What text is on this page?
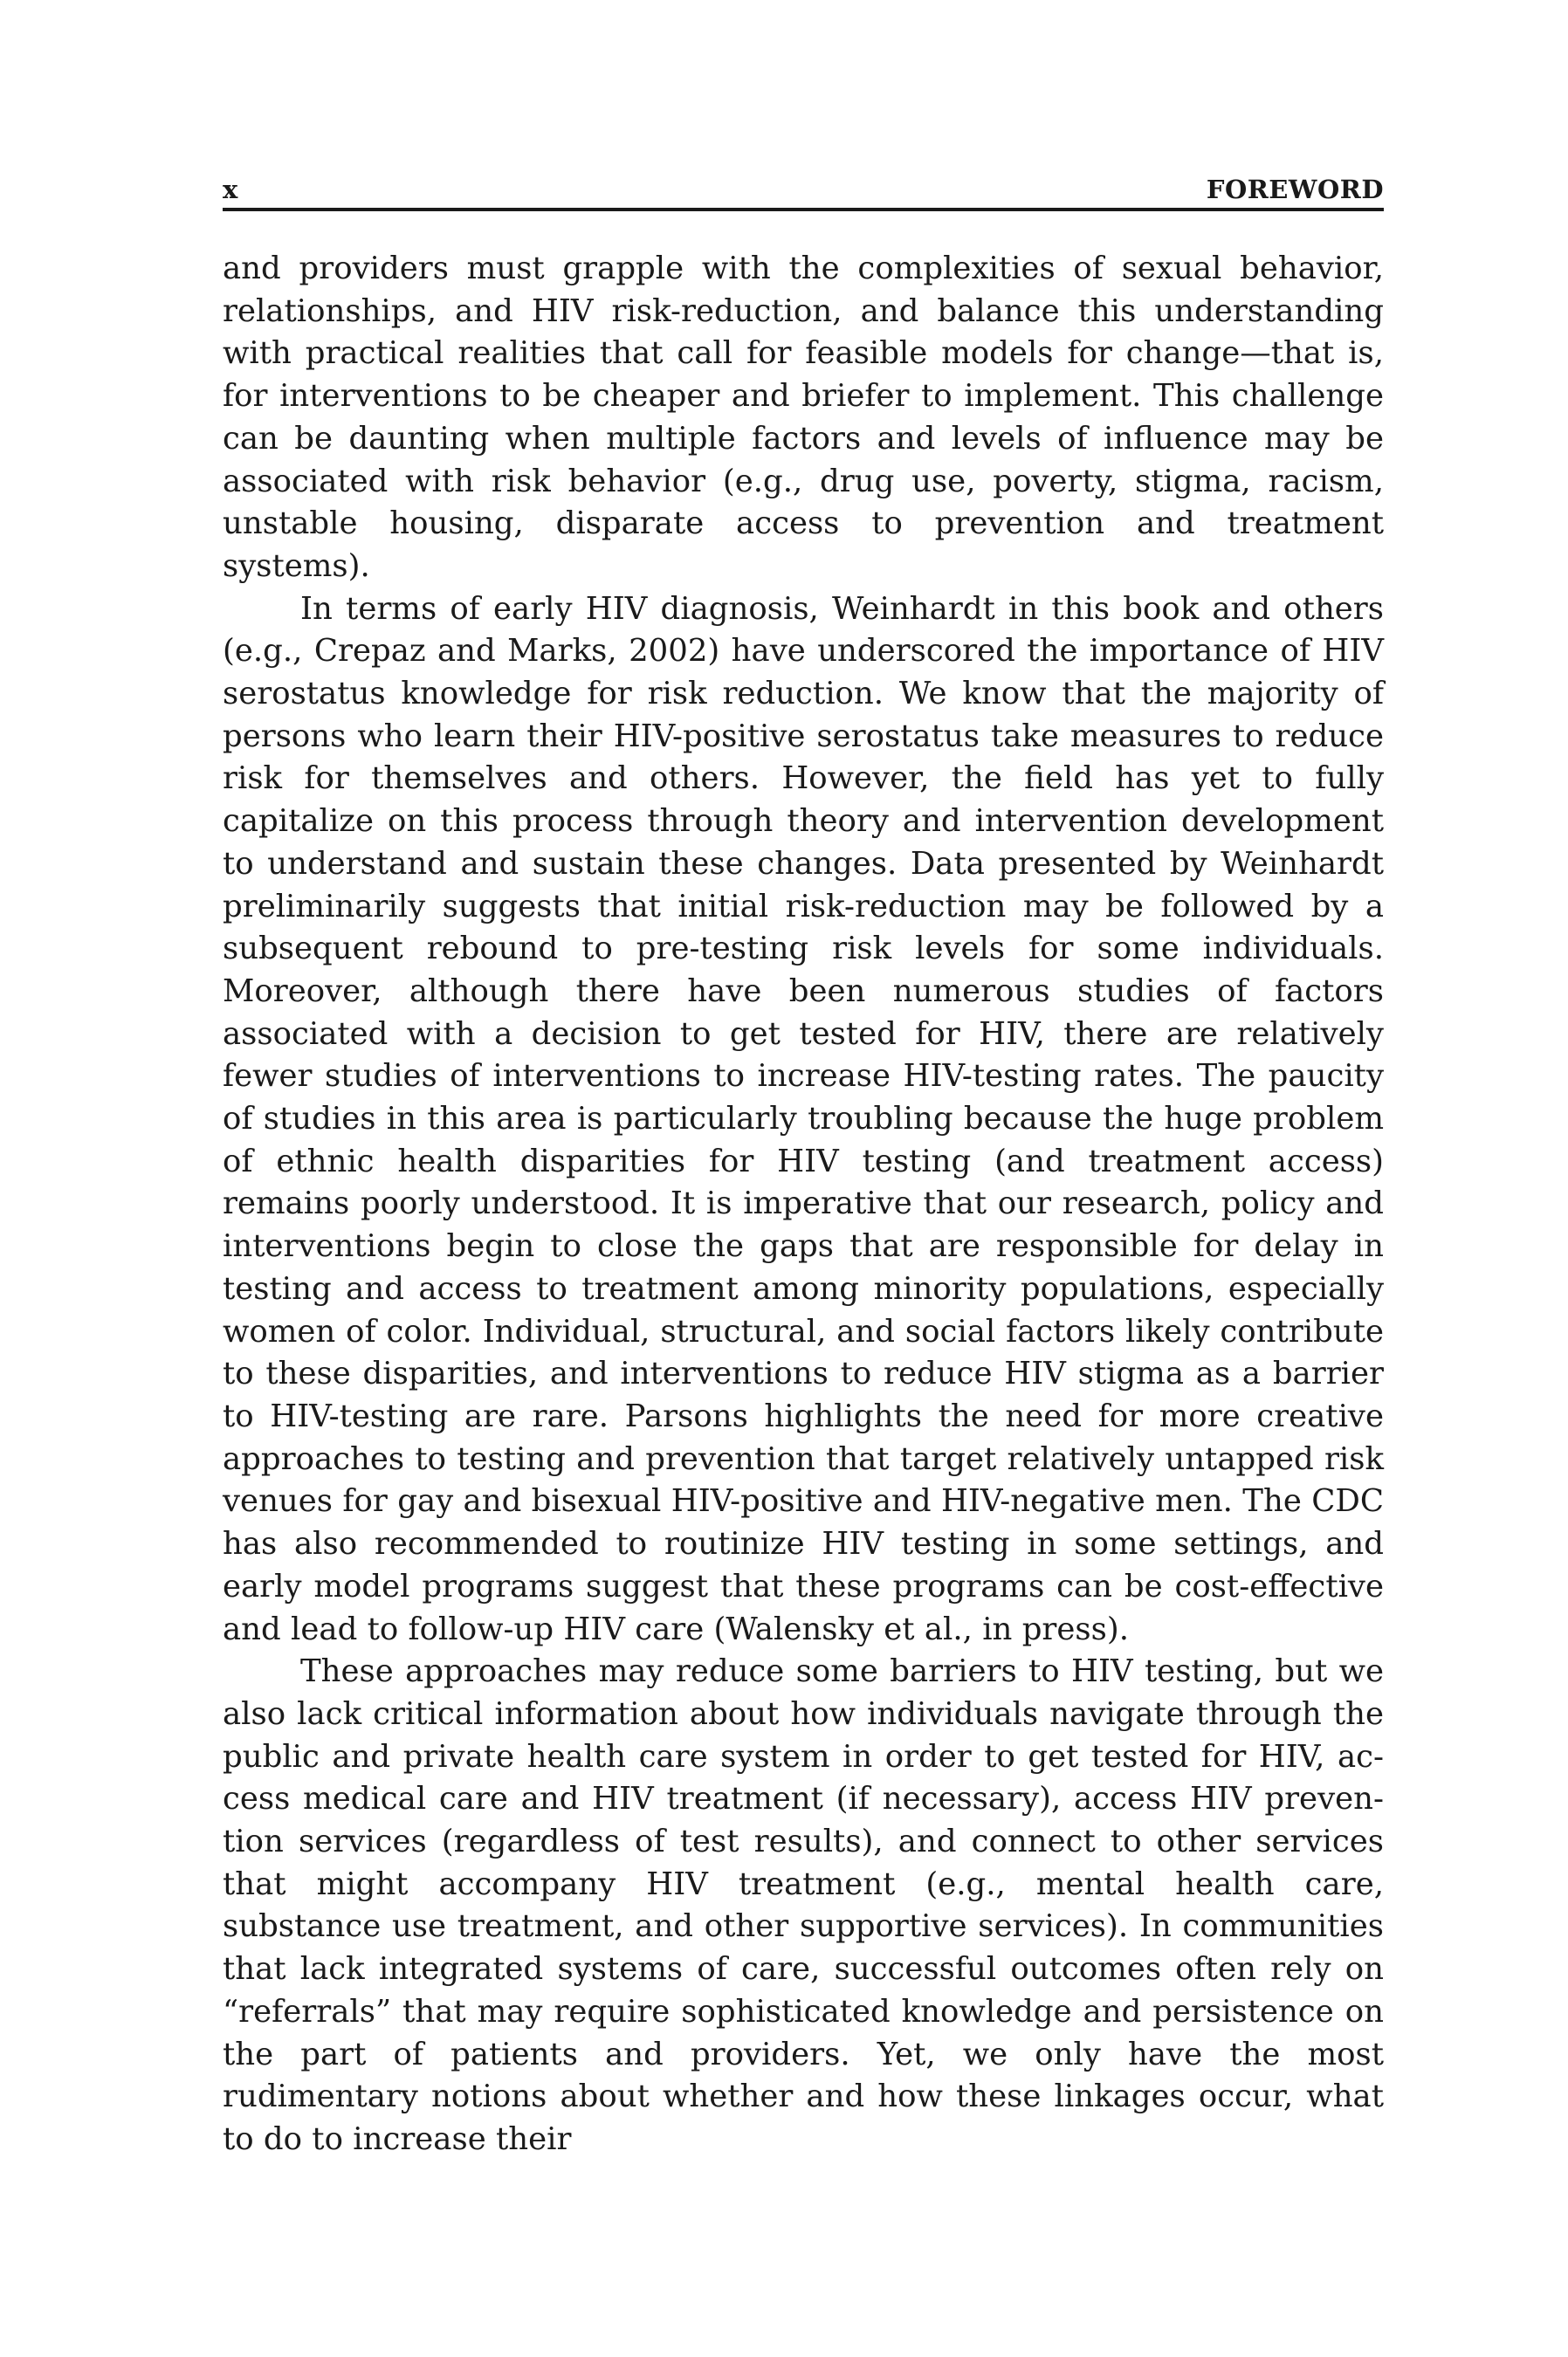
x	FOREWORD

and providers must grapple with the complexities of sexual behavior, relationships, and HIV risk-reduction, and balance this understanding with practical realities that call for feasible models for change—that is, for interventions to be cheaper and briefer to implement. This challenge can be daunting when multiple factors and levels of influence may be associated with risk behavior (e.g., drug use, poverty, stigma, racism, unstable housing, disparate access to prevention and treatment systems).

In terms of early HIV diagnosis, Weinhardt in this book and others (e.g., Crepaz and Marks, 2002) have underscored the importance of HIV serostatus knowledge for risk reduction. We know that the majority of persons who learn their HIV-positive serostatus take measures to reduce risk for themselves and others. However, the field has yet to fully capitalize on this process through theory and intervention development to understand and sustain these changes. Data presented by Weinhardt preliminarily suggests that initial risk-reduction may be followed by a subsequent rebound to pre-testing risk levels for some individuals. Moreover, although there have been numerous studies of factors associated with a decision to get tested for HIV, there are relatively fewer studies of interventions to increase HIV-testing rates. The paucity of studies in this area is particularly troubling because the huge problem of ethnic health disparities for HIV testing (and treatment access) remains poorly understood. It is imperative that our research, policy and interventions begin to close the gaps that are responsible for delay in testing and access to treatment among minority populations, especially women of color. Individual, structural, and social factors likely contribute to these disparities, and interventions to reduce HIV stigma as a barrier to HIV-testing are rare. Parsons highlights the need for more creative approaches to testing and prevention that target relatively untapped risk venues for gay and bisexual HIV-positive and HIV-negative men. The CDC has also recommended to routinize HIV testing in some settings, and early model programs suggest that these programs can be cost-effective and lead to follow-up HIV care (Walensky et al., in press).

These approaches may reduce some barriers to HIV testing, but we also lack critical information about how individuals navigate through the public and private health care system in order to get tested for HIV, access medical care and HIV treatment (if necessary), access HIV prevention services (regardless of test results), and connect to other services that might accompany HIV treatment (e.g., mental health care, substance use treatment, and other supportive services). In communities that lack integrated systems of care, successful outcomes often rely on “referrals” that may require sophisticated knowledge and persistence on the part of patients and providers. Yet, we only have the most rudimentary notions about whether and how these linkages occur, what to do to increase their
